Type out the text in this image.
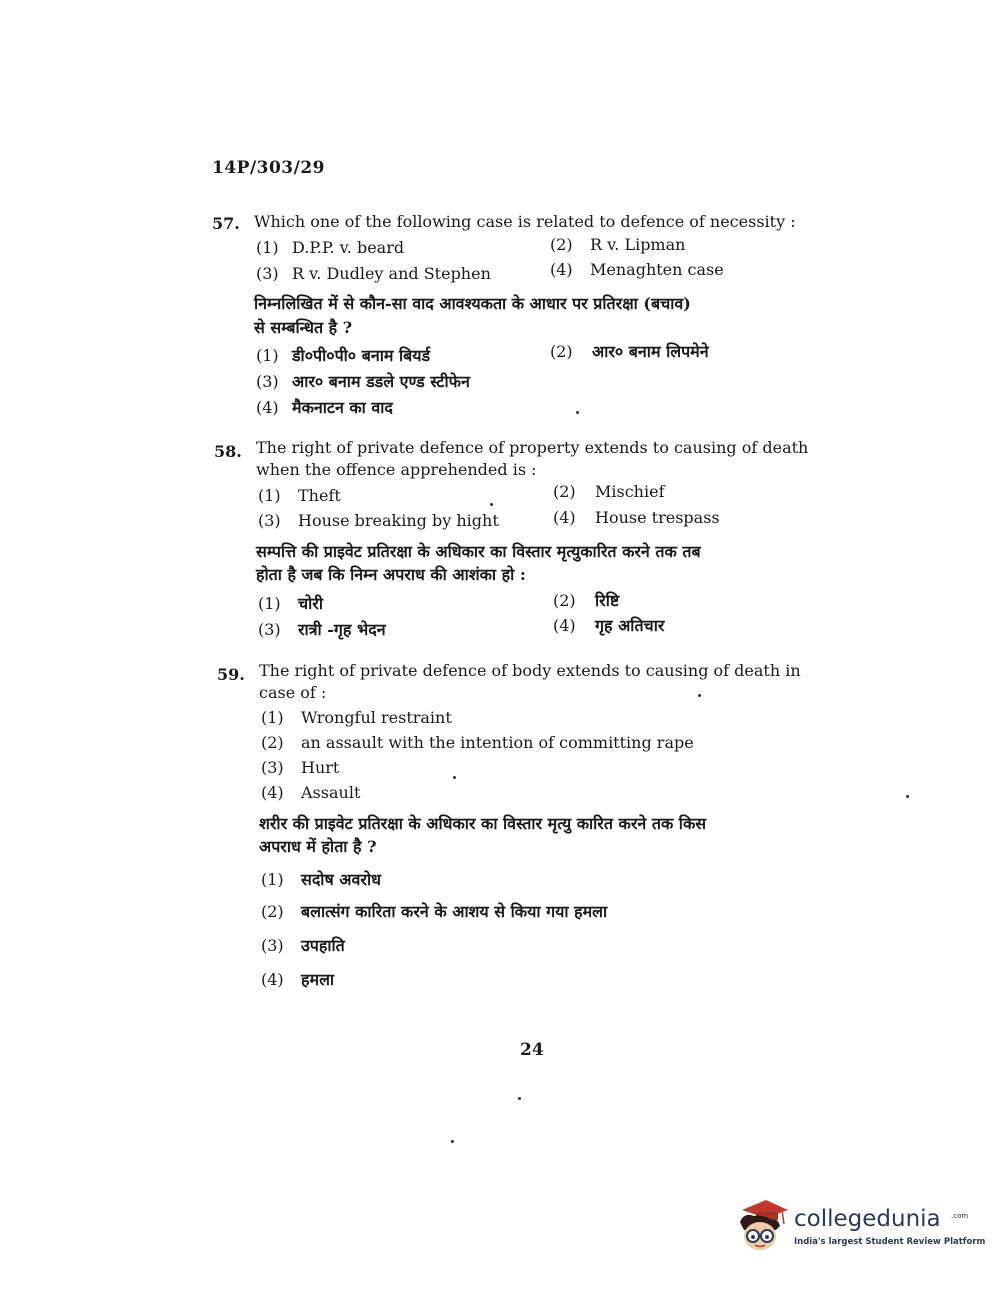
14P/303/29
57. Which one of the following case is related to defence of necessity :
(1) D.P.P. v. beard	(2) R v. Lipman
(3) R v. Dudley and Stephen	(4) Menaghten case
निम्नलिखित में से कौन-सा वाद आवश्यकता के आधार पर प्रतिरक्षा (बचाव)
से सम्बन्धित है ?
(1) डी०पी०पी० बनाम बियर्ड	(2) आर० बनाम लिपमेने
(3) आर० बनाम डडले एण्ड स्टीफेन
(4) मैकनाटन का वाद
58. The right of private defence of property extends to causing of death
when the offence apprehended is :
(1) Theft	(2) Mischief
(3) House breaking by hight	(4) House trespass
सम्पत्ति की प्राइवेट प्रतिरक्षा के अधिकार का विस्तार मृत्युकारित करने तक तब
होता है जब कि निम्न अपराध की आशंका हो :
(1) चोरी	(2) रिष्टि
(3) रात्री -गृह भेदन	(4) गृह अतिचार
59. The right of private defence of body extends to causing of death in
case of :
(1) Wrongful restraint
(2) an assault with the intention of committing rape
(3) Hurt
(4) Assault
शरीर की प्राइवेट प्रतिरक्षा के अधिकार का विस्तार मृत्यु कारित करने तक किस
अपराध में होता है ?
(1) सदोष अवरोध
(2) बलात्संग कारिता करने के आशय से किया गया हमला
(3) उपहाति
(4) हमला
24
collegedunia .com
India's largest Student Review Platform
